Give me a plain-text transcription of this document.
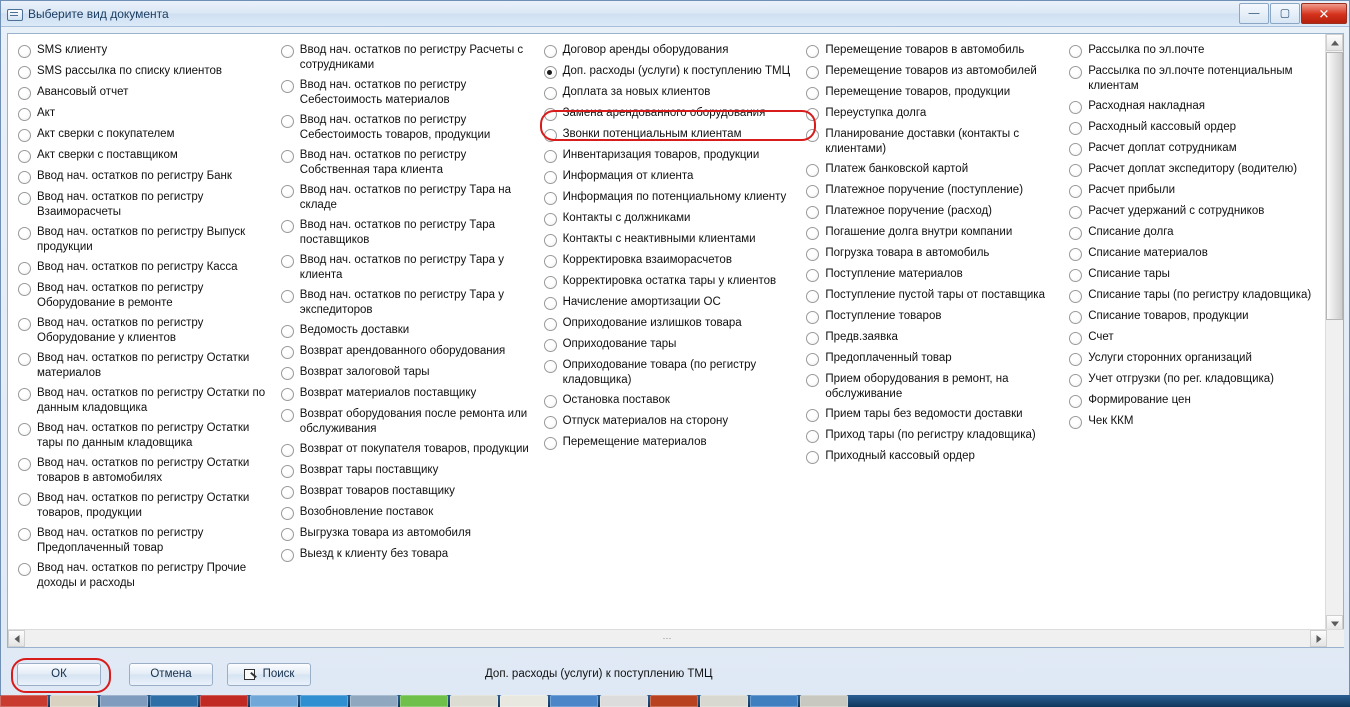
Выберите вид документа	—	▢	✕
SMS клиенту
SMS рассылка по списку клиентов
Авансовый отчет
Акт
Акт сверки с покупателем
Акт сверки с поставщиком
Ввод нач. остатков по регистру Банк
Ввод нач. остатков по регистру Взаиморасчеты
Ввод нач. остатков по регистру Выпуск продукции
Ввод нач. остатков по регистру Касса
Ввод нач. остатков по регистру Оборудование в ремонте
Ввод нач. остатков по регистру Оборудование у клиентов
Ввод нач. остатков по регистру Остатки материалов
Ввод нач. остатков по регистру Остатки по данным кладовщика
Ввод нач. остатков по регистру Остатки тары по данным кладовщика
Ввод нач. остатков по регистру Остатки товаров в автомобилях
Ввод нач. остатков по регистру Остатки товаров, продукции
Ввод нач. остатков по регистру Предоплаченный товар
Ввод нач. остатков по регистру Прочие доходы и расходы
Ввод нач. остатков по регистру Расчеты с сотрудниками
Ввод нач. остатков по регистру Себестоимость материалов
Ввод нач. остатков по регистру Себестоимость товаров, продукции
Ввод нач. остатков по регистру Собственная тара клиента
Ввод нач. остатков по регистру Тара на складе
Ввод нач. остатков по регистру Тара поставщиков
Ввод нач. остатков по регистру Тара у клиента
Ввод нач. остатков по регистру Тара у экспедиторов
Ведомость доставки
Возврат арендованного оборудования
Возврат залоговой тары
Возврат материалов поставщику
Возврат оборудования после ремонта или обслуживания
Возврат от покупателя товаров, продукции
Возврат тары поставщику
Возврат товаров поставщику
Возобновление поставок
Выгрузка товара из автомобиля
Выезд к клиенту без товара
Договор аренды оборудования
Доп. расходы (услуги) к поступлению ТМЦ
Доплата за новых клиентов
Замена арендованного оборудования
Звонки потенциальным клиентам
Инвентаризация товаров, продукции
Информация от клиента
Информация по потенциальному клиенту
Контакты с должниками
Контакты с неактивными клиентами
Корректировка взаиморасчетов
Корректировка остатка тары у клиентов
Начисление амортизации ОС
Оприходование излишков товара
Оприходование тары
Оприходование товара (по регистру кладовщика)
Остановка поставок
Отпуск материалов на сторону
Перемещение материалов
Перемещение товаров в автомобиль
Перемещение товаров из автомобилей
Перемещение товаров, продукции
Переуступка долга
Планирование доставки (контакты с клиентами)
Платеж банковской картой
Платежное поручение (поступление)
Платежное поручение (расход)
Погашение долга внутри компании
Погрузка товара в автомобиль
Поступление материалов
Поступление пустой тары от поставщика
Поступление товаров
Предв.заявка
Предоплаченный товар
Прием оборудования в ремонт, на обслуживание
Прием тары без ведомости доставки
Приход тары (по регистру кладовщика)
Приходный кассовый ордер
Рассылка по эл.почте
Рассылка по эл.почте потенциальным клиентам
Расходная накладная
Расходный кассовый ордер
Расчет доплат сотрудникам
Расчет доплат экспедитору (водителю)
Расчет прибыли
Расчет удержаний с сотрудников
Списание долга
Списание материалов
Списание тары
Списание тары (по регистру кладовщика)
Списание товаров, продукции
Счет
Услуги сторонних организаций
Учет отгрузки (по рег. кладовщика)
Формирование цен
Чек ККМ
⋯
ОК	Отмена	Поиск	Доп. расходы (услуги) к поступлению ТМЦ
